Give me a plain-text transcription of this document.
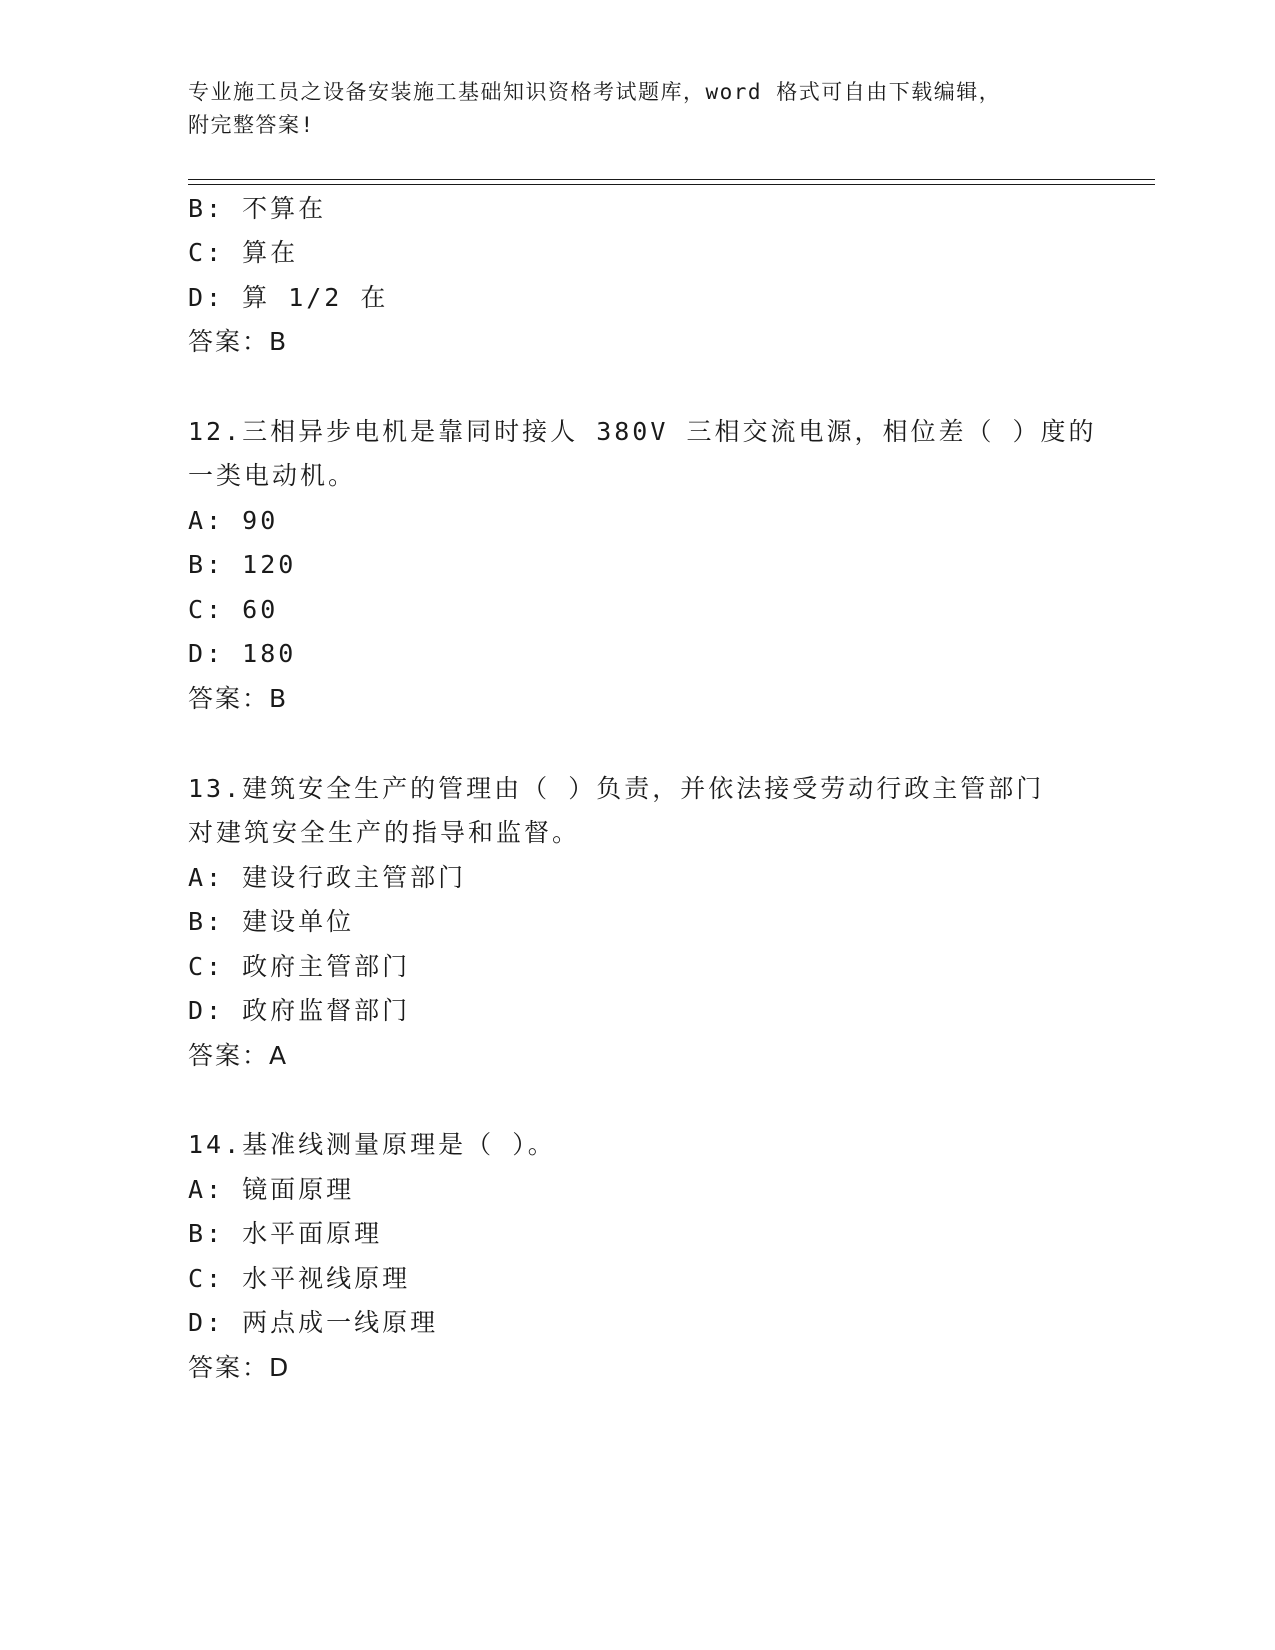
专业施工员之设备安装施工基础知识资格考试题库，word 格式可自由下载编辑，
附完整答案!
B: 不算在
C: 算在
D: 算 1/2 在
答案：B
12.三相异步电机是靠同时接人 380V 三相交流电源，相位差（ ）度的
一类电动机。
A: 90
B: 120
C: 60
D: 180
答案：B
13.建筑安全生产的管理由（ ）负责，并依法接受劳动行政主管部门
对建筑安全生产的指导和监督。
A: 建设行政主管部门
B: 建设单位
C: 政府主管部门
D: 政府监督部门
答案：A
14.基准线测量原理是（ ）。
A: 镜面原理
B: 水平面原理
C: 水平视线原理
D: 两点成一线原理
答案：D
